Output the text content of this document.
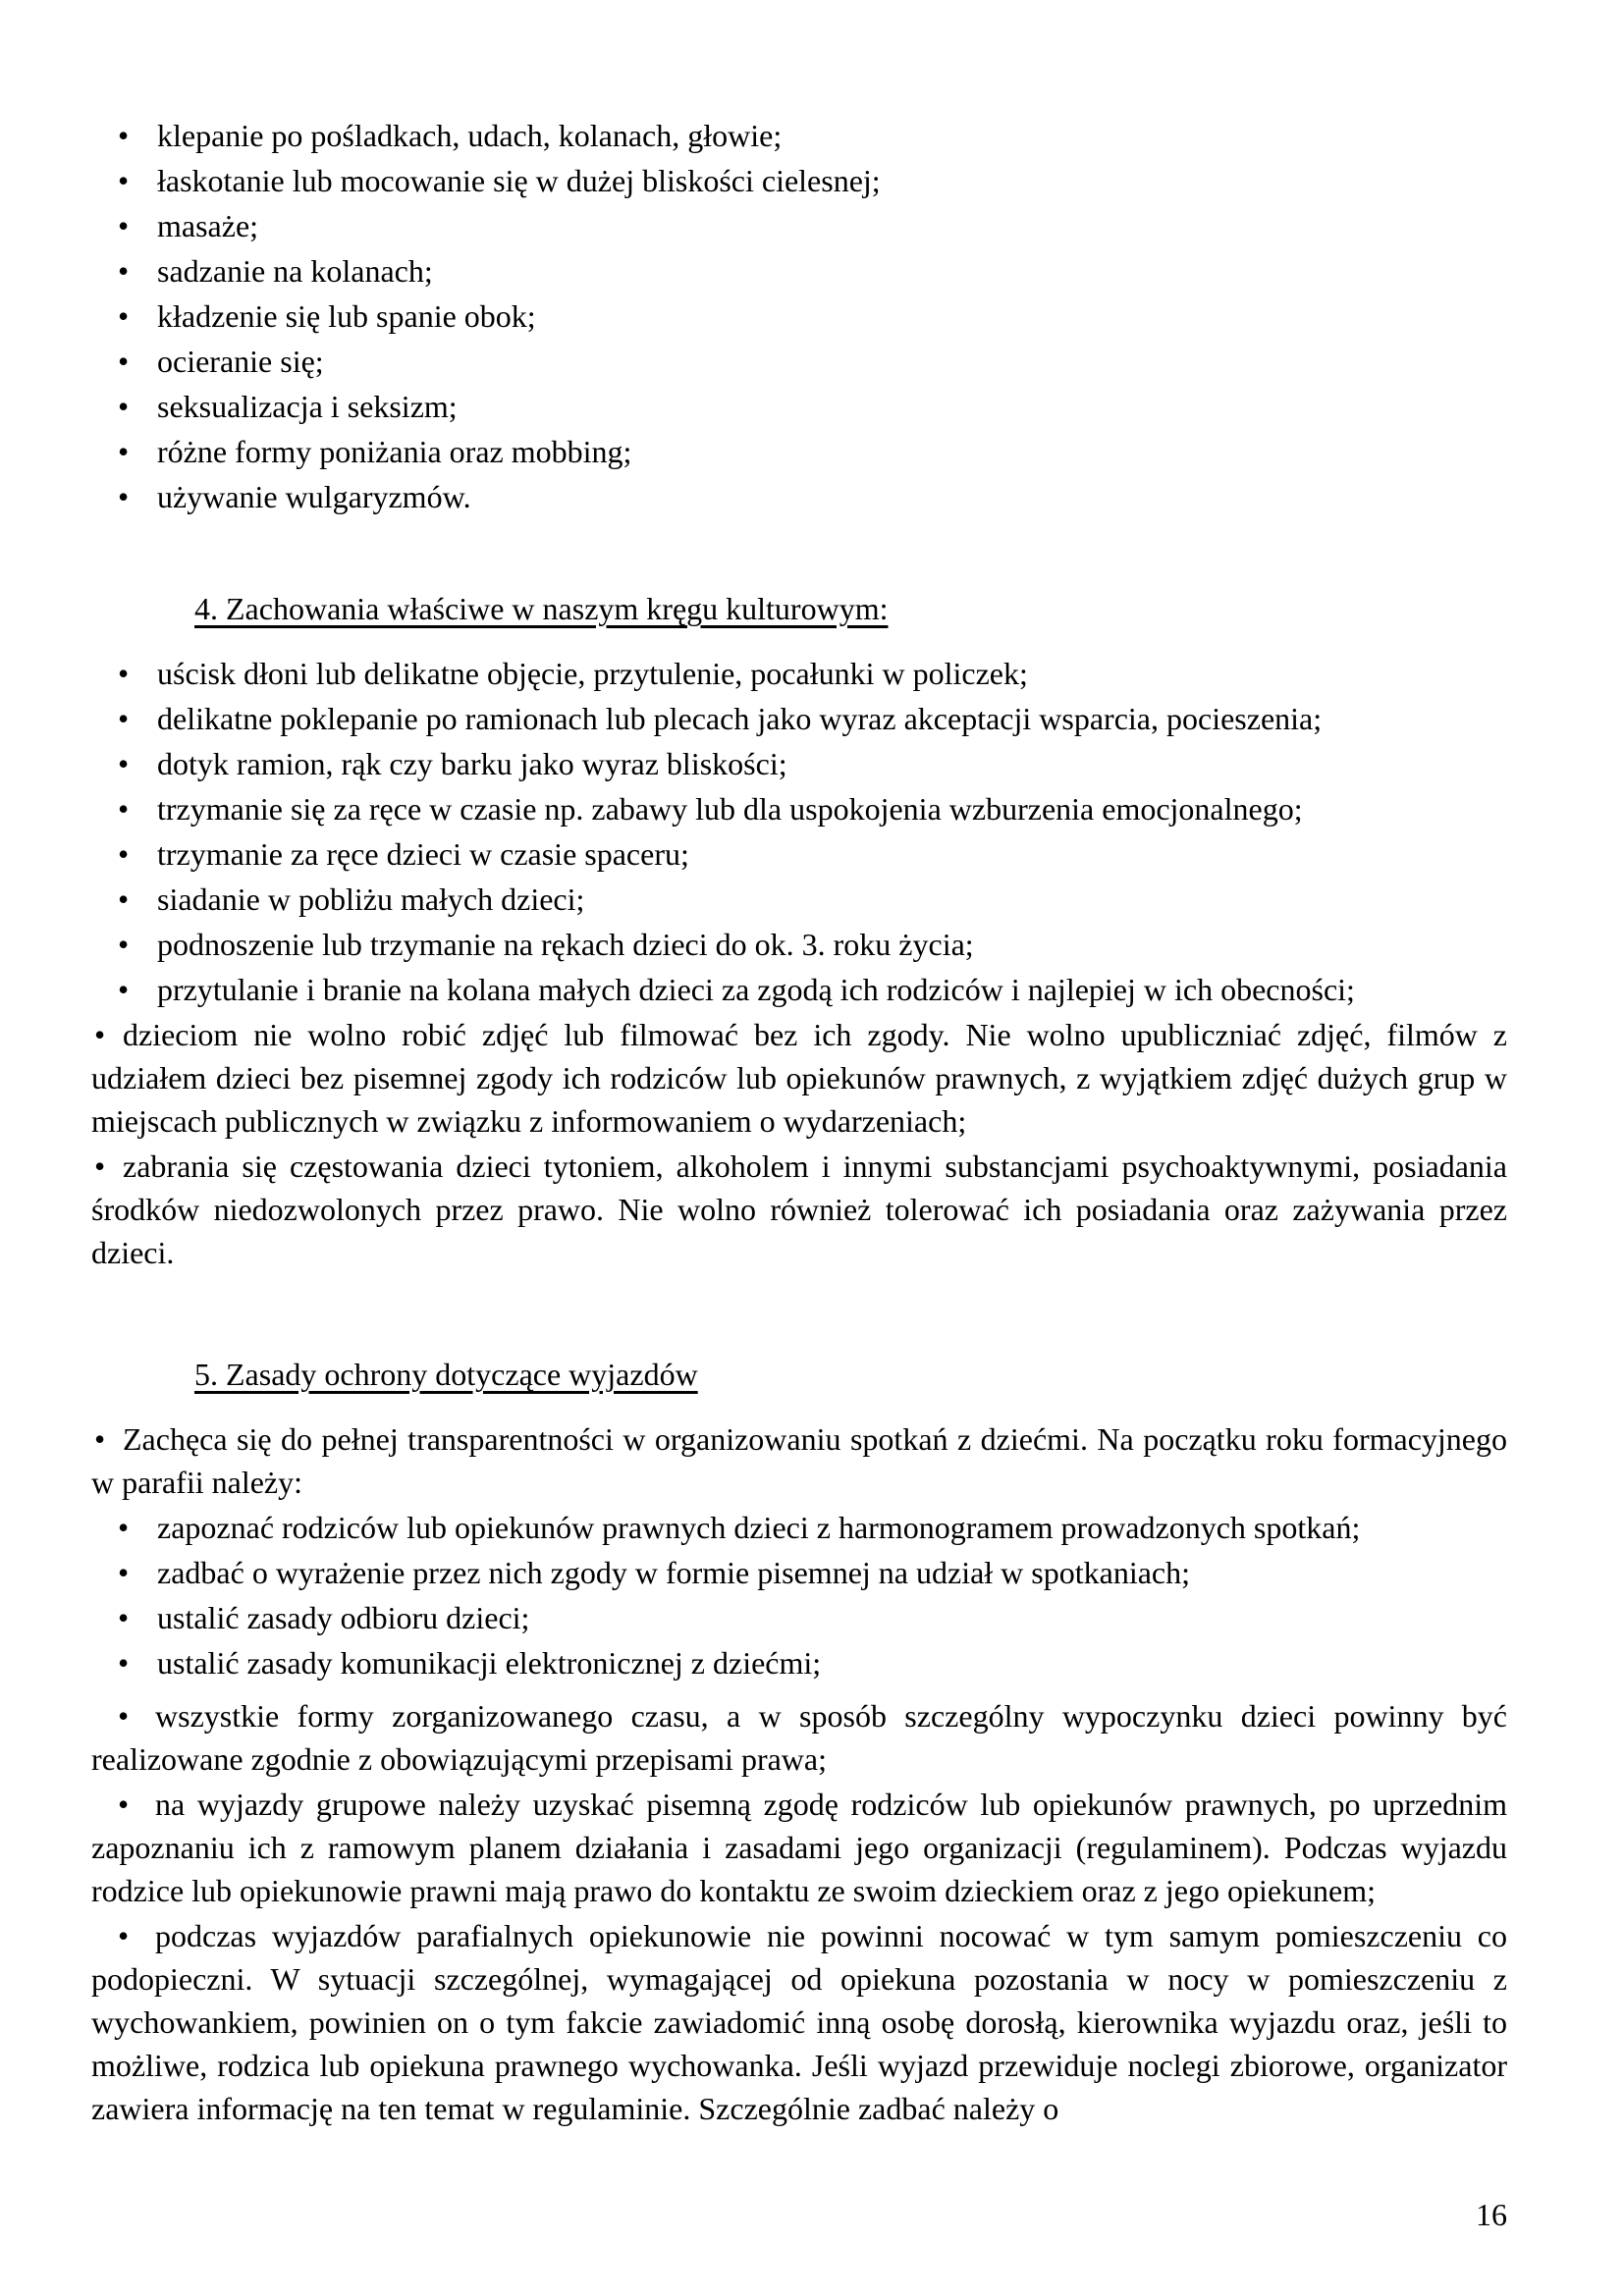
• klepanie po pośladkach, udach, kolanach, głowie;
• łaskotanie lub mocowanie się w dużej bliskości cielesnej;
• masaże;
• sadzanie na kolanach;
• kładzenie się lub spanie obok;
• ocieranie się;
• seksualizacja i seksizm;
• różne formy poniżania oraz mobbing;
• używanie wulgaryzmów.

4. Zachowania właściwe w naszym kręgu kulturowym:

• uścisk dłoni lub delikatne objęcie, przytulenie, pocałunki w policzek;
• delikatne poklepanie po ramionach lub plecach jako wyraz akceptacji wsparcia, pocieszenia;
• dotyk ramion, rąk czy barku jako wyraz bliskości;
• trzymanie się za ręce w czasie np. zabawy lub dla uspokojenia wzburzenia emocjonalnego;
• trzymanie za ręce dzieci w czasie spaceru;
• siadanie w pobliżu małych dzieci;
• podnoszenie lub trzymanie na rękach dzieci do ok. 3. roku życia;
• przytulanie i branie na kolana małych dzieci za zgodą ich rodziców i najlepiej w ich obecności;
• dzieciom nie wolno robić zdjęć lub filmować bez ich zgody. Nie wolno upubliczniać zdjęć, filmów z udziałem dzieci bez pisemnej zgody ich rodziców lub opiekunów prawnych, z wyjątkiem zdjęć dużych grup w miejscach publicznych w związku z informowaniem o wydarzeniach;
• zabrania się częstowania dzieci tytoniem, alkoholem i innymi substancjami psychoaktywnymi, posiadania środków niedozwolonych przez prawo. Nie wolno również tolerować ich posiadania oraz zażywania przez dzieci.

5. Zasady ochrony dotyczące wyjazdów

• Zachęca się do pełnej transparentności w organizowaniu spotkań z dziećmi. Na początku roku formacyjnego w parafii należy:
• zapoznać rodziców lub opiekunów prawnych dzieci z harmonogramem prowadzonych spotkań;
• zadbać o wyrażenie przez nich zgody w formie pisemnej na udział w spotkaniach;
• ustalić zasady odbioru dzieci;
• ustalić zasady komunikacji elektronicznej z dziećmi;
• wszystkie formy zorganizowanego czasu, a w sposób szczególny wypoczynku dzieci powinny być realizowane zgodnie z obowiązującymi przepisami prawa;
• na wyjazdy grupowe należy uzyskać pisemną zgodę rodziców lub opiekunów prawnych, po uprzednim zapoznaniu ich z ramowym planem działania i zasadami jego organizacji (regulaminem). Podczas wyjazdu rodzice lub opiekunowie prawni mają prawo do kontaktu ze swoim dzieckiem oraz z jego opiekunem;
• podczas wyjazdów parafialnych opiekunowie nie powinni nocować w tym samym pomieszczeniu co podopieczni. W sytuacji szczególnej, wymagającej od opiekuna pozostania w nocy w pomieszczeniu z wychowankiem, powinien on o tym fakcie zawiadomić inną osobę dorosłą, kierownika wyjazdu oraz, jeśli to możliwe, rodzica lub opiekuna prawnego wychowanka. Jeśli wyjazd przewiduje noclegi zbiorowe, organizator zawiera informację na ten temat w regulaminie. Szczególnie zadbać należy o
16
